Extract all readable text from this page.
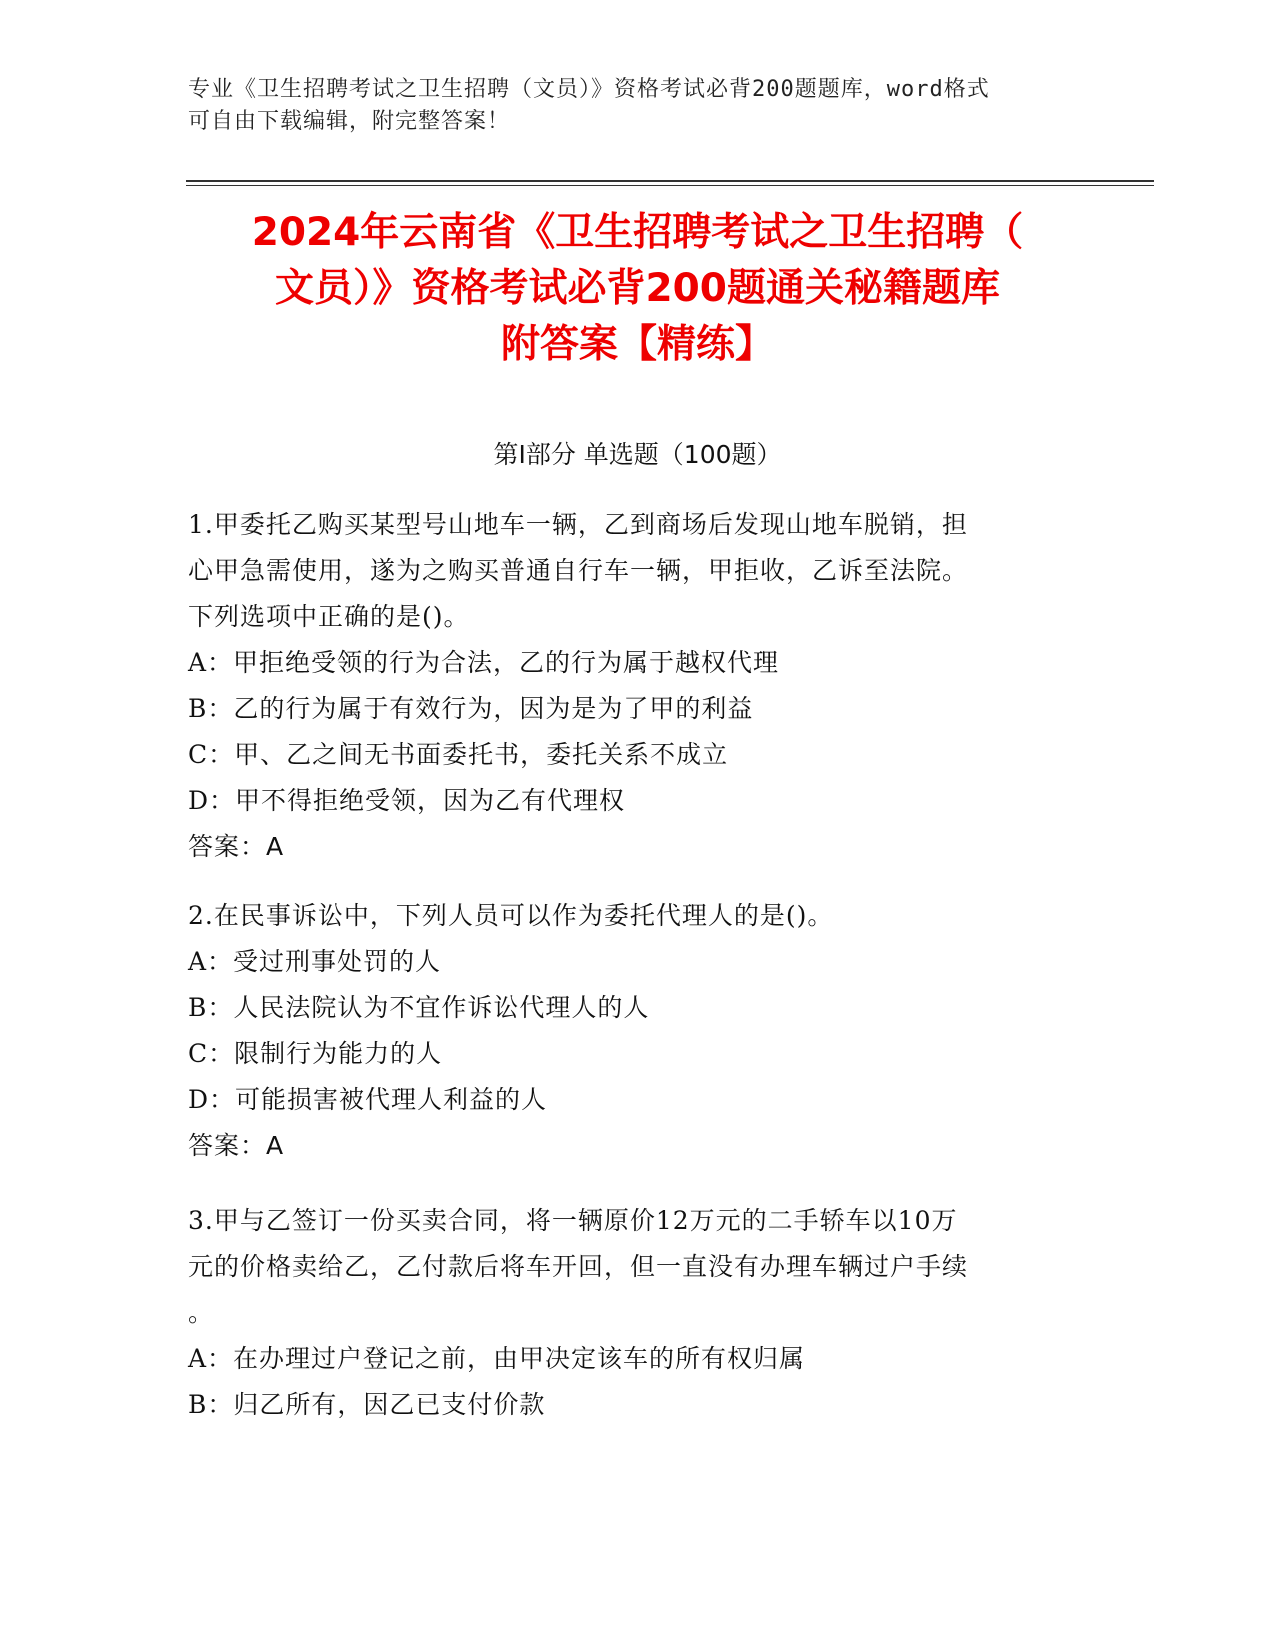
专业《卫生招聘考试之卫生招聘（文员）》资格考试必背200题题库，word格式
可自由下载编辑，附完整答案！
2024年云南省《卫生招聘考试之卫生招聘（
文员）》资格考试必背200题通关秘籍题库
附答案【精练】
第Ⅰ部分 单选题（100题）
1.甲委托乙购买某型号山地车一辆，乙到商场后发现山地车脱销，担
心甲急需使用，遂为之购买普通自行车一辆，甲拒收，乙诉至法院。
下列选项中正确的是()。
A：甲拒绝受领的行为合法，乙的行为属于越权代理
B：乙的行为属于有效行为，因为是为了甲的利益
C：甲、乙之间无书面委托书，委托关系不成立
D：甲不得拒绝受领，因为乙有代理权
答案：A
2.在民事诉讼中，下列人员可以作为委托代理人的是()。
A：受过刑事处罚的人
B：人民法院认为不宜作诉讼代理人的人
C：限制行为能力的人
D：可能损害被代理人利益的人
答案：A
3.甲与乙签订一份买卖合同，将一辆原价12万元的二手轿车以10万
元的价格卖给乙，乙付款后将车开回，但一直没有办理车辆过户手续
。
A：在办理过户登记之前，由甲决定该车的所有权归属
B：归乙所有，因乙已支付价款
